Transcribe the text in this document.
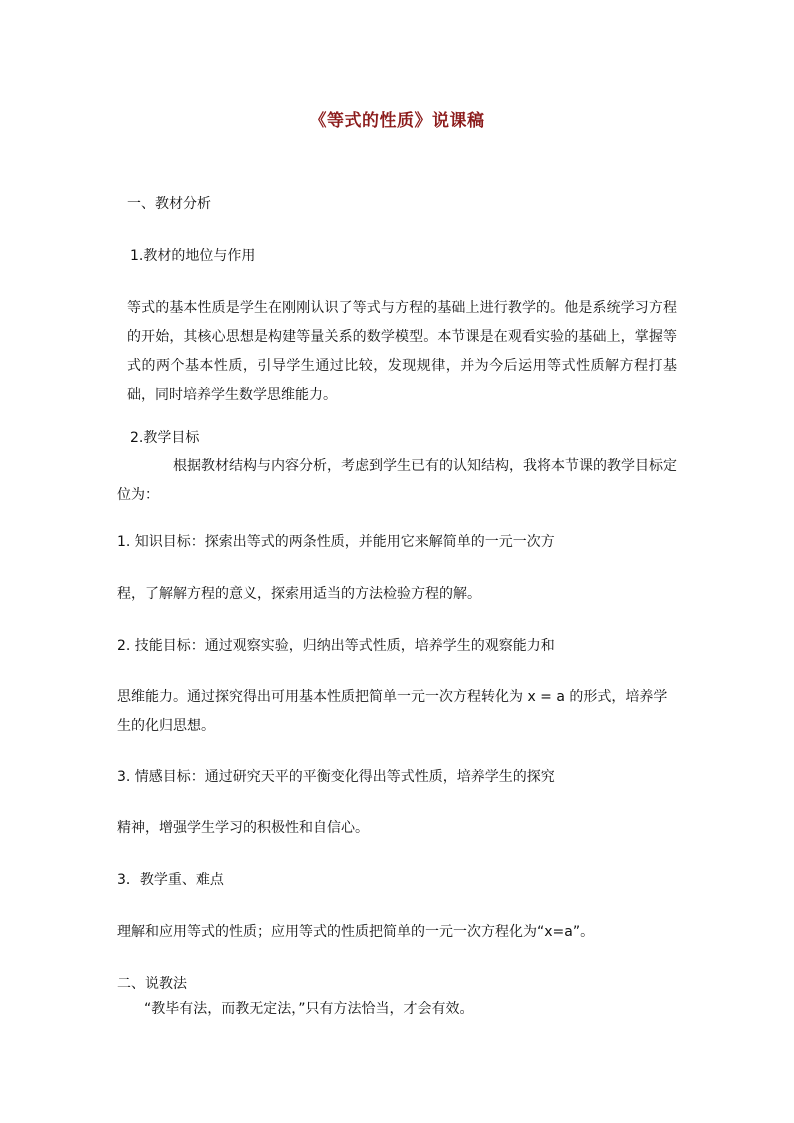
《等式的性质》说课稿
一、教材分析
1.教材的地位与作用
等式的基本性质是学生在刚刚认识了等式与方程的基础上进行教学的。他是系统学习方程的开始，其核心思想是构建等量关系的数学模型。本节课是在观看实验的基础上，掌握等式的两个基本性质，引导学生通过比较，发现规律，并为今后运用等式性质解方程打基础，同时培养学生数学思维能力。
2.教学目标
根据教材结构与内容分析，考虑到学生已有的认知结构，我将本节课的教学目标定位为：
1. 知识目标：探索出等式的两条性质，并能用它来解简单的一元一次方
程，了解解方程的意义，探索用适当的方法检验方程的解。
2. 技能目标：通过观察实验，归纳出等式性质，培养学生的观察能力和
思维能力。通过探究得出可用基本性质把简单一元一次方程转化为 x = a 的形式，培养学生的化归思想。
3. 情感目标：通过研究天平的平衡变化得出等式性质，培养学生的探究
精神，增强学生学习的积极性和自信心。
3．教学重、难点
理解和应用等式的性质；应用等式的性质把简单的一元一次方程化为“x=a”。
二、说教法
“教毕有法，而教无定法，”只有方法恰当，才会有效。
